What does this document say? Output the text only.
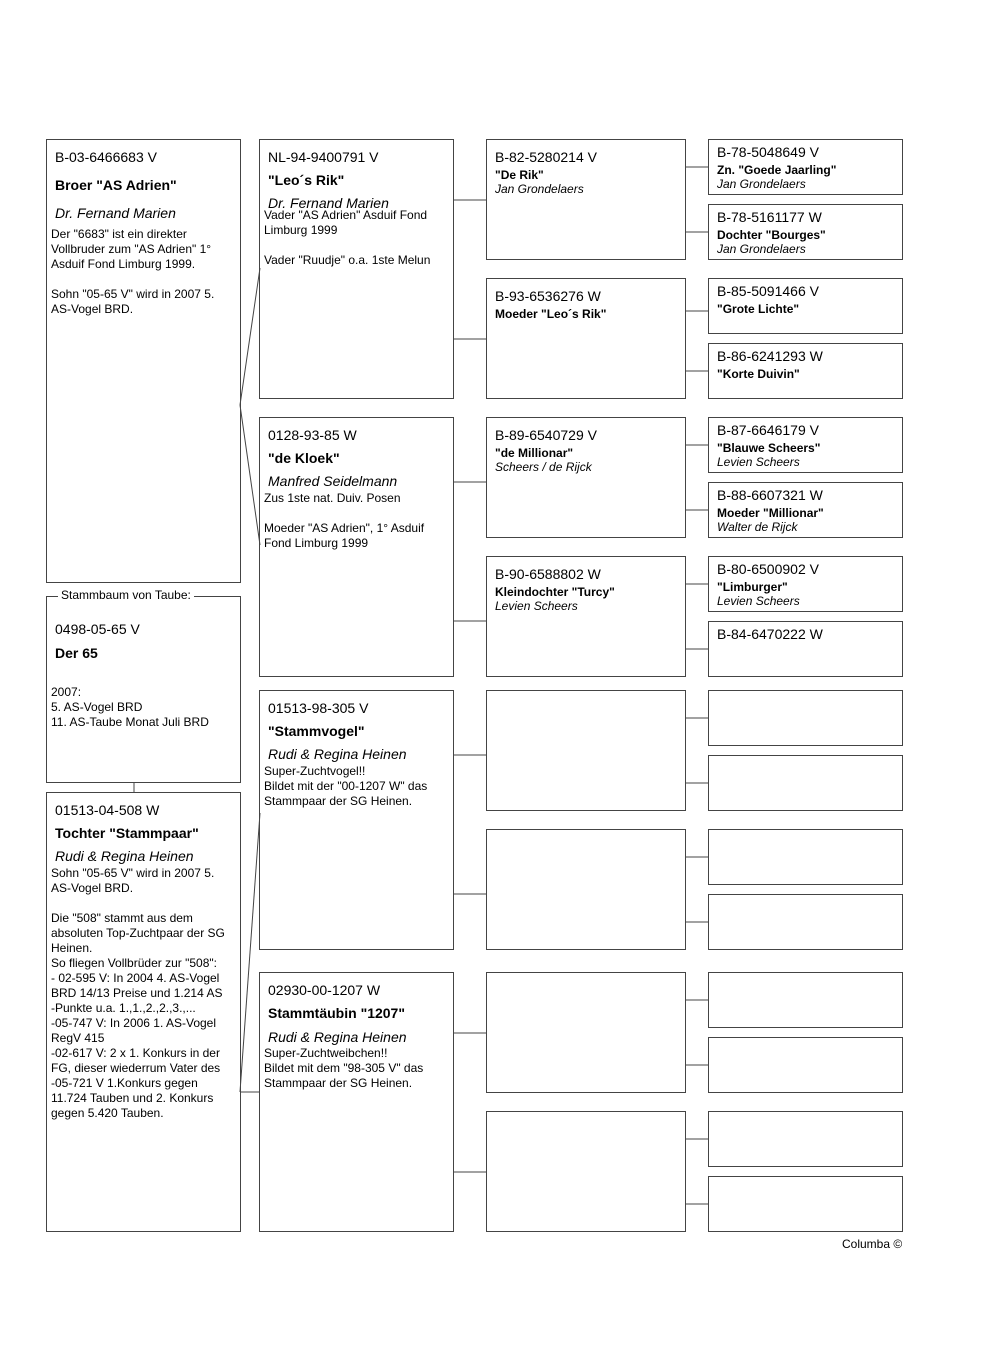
B-03-6466683 V
Broer "AS Adrien"
Dr. Fernand Marien
Der "6683" ist ein direkter
Vollbruder zum "AS Adrien" 1°
Asduif Fond Limburg 1999.

Sohn "05-65 V" wird in 2007 5.
AS-Vogel BRD.
Stammbaum von Taube:
0498-05-65 V
Der 65
2007:
5. AS-Vogel BRD
11. AS-Taube Monat Juli BRD
01513-04-508 W
Tochter "Stammpaar"
Rudi & Regina Heinen
Sohn "05-65 V" wird in 2007 5.
AS-Vogel BRD.

Die "508" stammt aus dem
absoluten Top-Zuchtpaar der SG
Heinen.
So fliegen Vollbrüder zur "508":
- 02-595 V: In 2004 4. AS-Vogel
BRD 14/13 Preise und 1.214 AS
-Punkte u.a. 1.,1.,2.,2.,3.,...
-05-747 V: In 2006 1. AS-Vogel
RegV 415
-02-617 V: 2 x 1. Konkurs in der
FG, dieser wiederrum Vater des
-05-721 V 1.Konkurs gegen
11.724 Tauben und 2. Konkurs
gegen 5.420 Tauben.
NL-94-9400791 V
"Leo´s Rik"
Dr. Fernand Marien
Vader "AS Adrien" Asduif Fond
Limburg 1999

Vader "Ruudje" o.a. 1ste Melun
0128-93-85 W
"de Kloek"
Manfred Seidelmann
Zus 1ste nat. Duiv. Posen

Moeder "AS Adrien", 1° Asduif
Fond Limburg 1999
01513-98-305 V
"Stammvogel"
Rudi & Regina Heinen
Super-Zuchtvogel!!
Bildet mit der "00-1207 W" das
Stammpaar der SG Heinen.
02930-00-1207 W
Stammtäubin "1207"
Rudi & Regina Heinen
Super-Zuchtweibchen!!
Bildet mit dem "98-305 V" das
Stammpaar der SG Heinen.
B-82-5280214 V
"De Rik"
Jan Grondelaers
B-93-6536276 W
Moeder "Leo´s Rik"
B-89-6540729 V
"de Millionar"
Scheers / de Rijck
B-90-6588802 W
Kleindochter "Turcy"
Levien Scheers
B-78-5048649 V
Zn. "Goede Jaarling"
Jan Grondelaers
B-78-5161177 W
Dochter "Bourges"
Jan Grondelaers
B-85-5091466 V
"Grote Lichte"
B-86-6241293 W
"Korte Duivin"
B-87-6646179 V
"Blauwe Scheers"
Levien Scheers
B-88-6607321 W
Moeder "Millionar"
Walter de Rijck
B-80-6500902 V
"Limburger"
Levien Scheers
B-84-6470222 W
Columba ©
